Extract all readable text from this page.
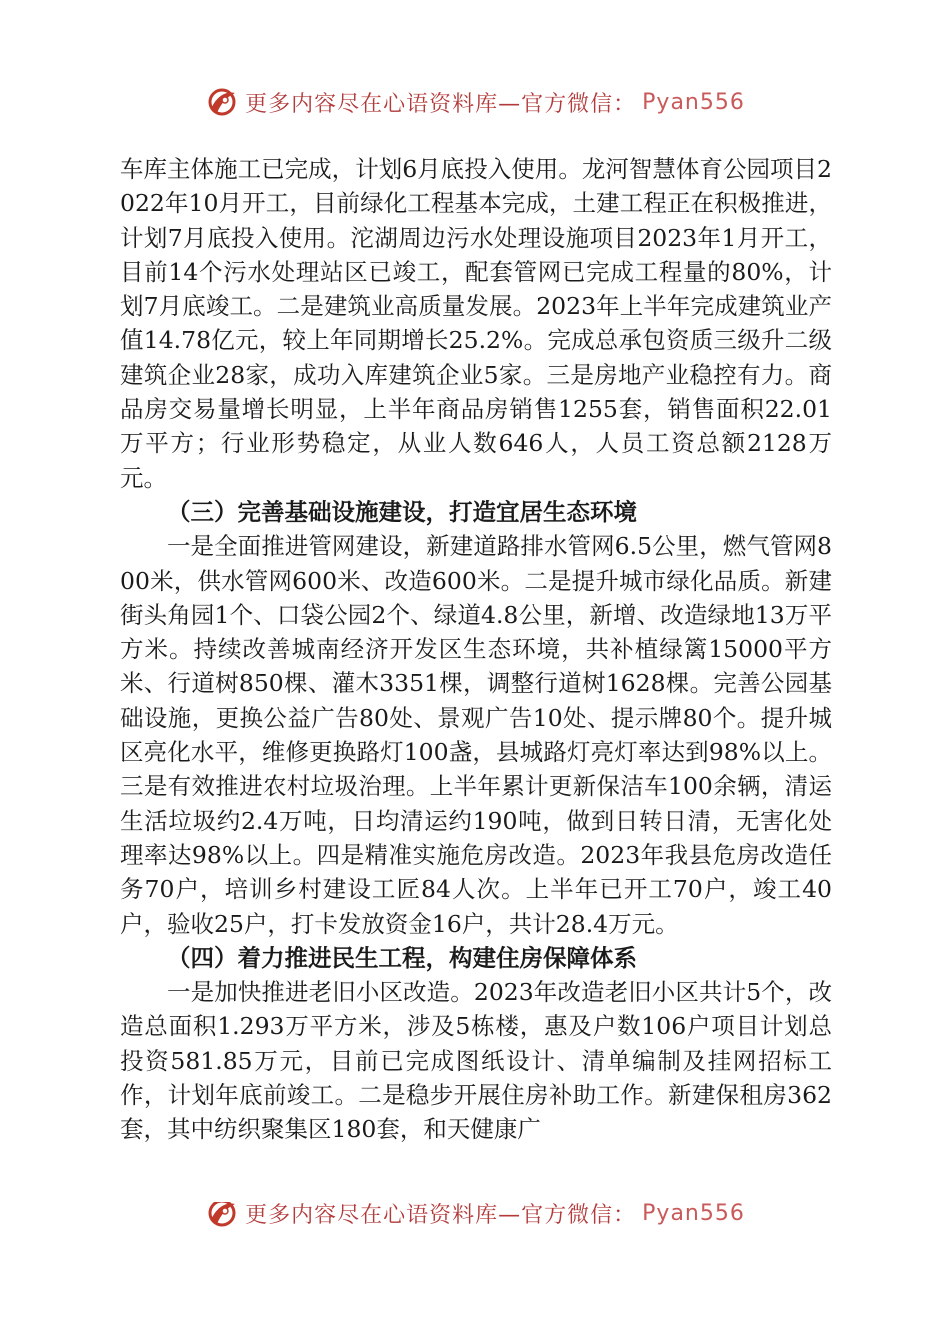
更多内容尽在心语资料库—官方微信： Pyan556

车库主体施工已完成，计划6月底投入使用。龙河智慧体育公园项目2022年10月开工，目前绿化工程基本完成，土建工程正在积极推进，计划7月底投入使用。沱湖周边污水处理设施项目2023年1月开工，目前14个污水处理站区已竣工，配套管网已完成工程量的80%，计划7月底竣工。二是建筑业高质量发展。2023年上半年完成建筑业产值14.78亿元，较上年同期增长25.2%。完成总承包资质三级升二级建筑企业28家，成功入库建筑企业5家。三是房地产业稳控有力。商品房交易量增长明显，上半年商品房销售1255套，销售面积22.01万平方；行业形势稳定，从业人数646人，人员工资总额2128万元。

（三）完善基础设施建设，打造宜居生态环境

一是全面推进管网建设，新建道路排水管网6.5公里，燃气管网800米，供水管网600米、改造600米。二是提升城市绿化品质。新建街头角园1个、口袋公园2个、绿道4.8公里，新增、改造绿地13万平方米。持续改善城南经济开发区生态环境，共补植绿篱15000平方米、行道树850棵、灌木3351棵，调整行道树1628棵。完善公园基础设施，更换公益广告80处、景观广告10处、提示牌80个。提升城区亮化水平，维修更换路灯100盏，县城路灯亮灯率达到98%以上。三是有效推进农村垃圾治理。上半年累计更新保洁车100余辆，清运生活垃圾约2.4万吨，日均清运约190吨，做到日转日清，无害化处理率达98%以上。四是精准实施危房改造。2023年我县危房改造任务70户，培训乡村建设工匠84人次。上半年已开工70户，竣工40户，验收25户，打卡发放资金16户，共计28.4万元。

（四）着力推进民生工程，构建住房保障体系

一是加快推进老旧小区改造。2023年改造老旧小区共计5个，改造总面积1.293万平方米，涉及5栋楼，惠及户数106户项目计划总投资581.85万元，目前已完成图纸设计、清单编制及挂网招标工作，计划年底前竣工。二是稳步开展住房补助工作。新建保租房362套，其中纺织聚集区180套，和天健康广

更多内容尽在心语资料库—官方微信： Pyan556
